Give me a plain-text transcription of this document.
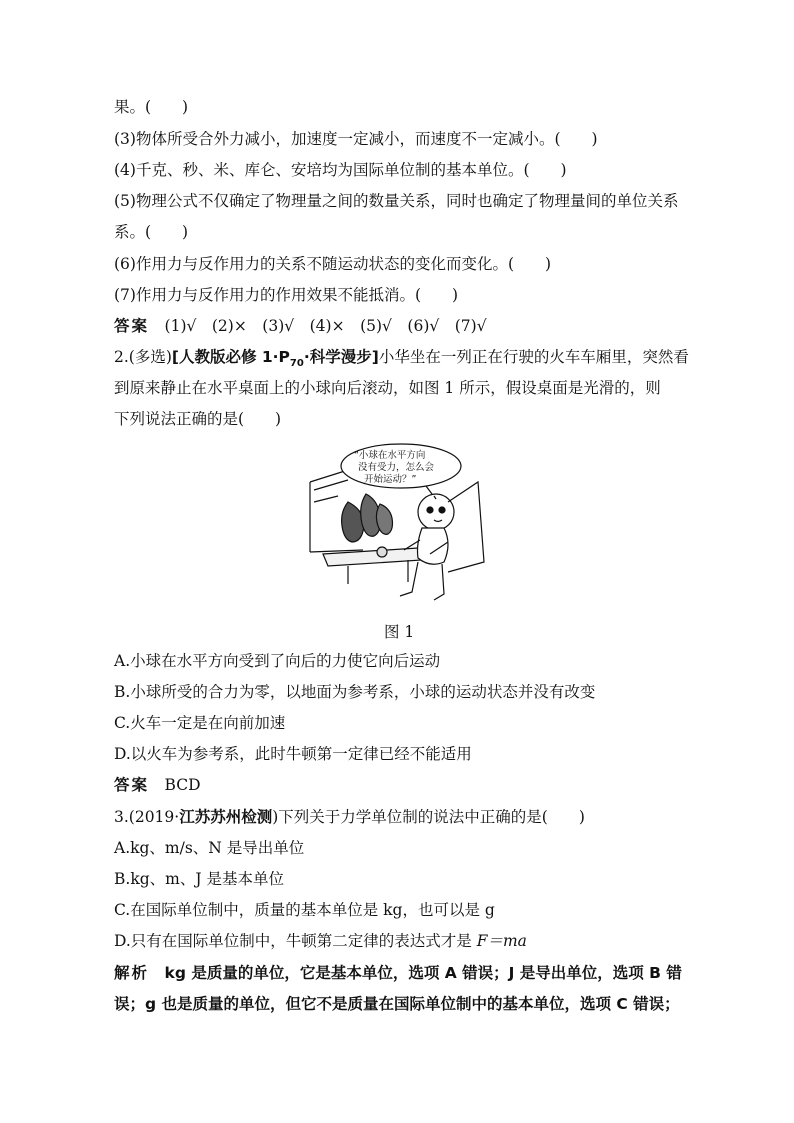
果。(　　)
(3)物体所受合外力减小，加速度一定减小，而速度不一定减小。(　　)
(4)千克、秒、米、库仑、安培均为国际单位制的基本单位。(　　)
(5)物理公式不仅确定了物理量之间的数量关系，同时也确定了物理量间的单位关系
系。(　　)
(6)作用力与反作用力的关系不随运动状态的变化而变化。(　　)
(7)作用力与反作用力的作用效果不能抵消。(　　)
答案　 (1)√　(2)×　(3)√　(4)×　(5)√　(6)√　(7)√
2.(多选)[人教版必修 $1\cdot P_{70}\cdot$科学漫步]小华坐在一列正在行驶的火车车厢里，突然看
到原来静止在水平桌面上的小球向后滚动，如图 1 所示，假设桌面是光滑的，则
下列说法正确的是(　　)
“小球在水平方向
没有受力，怎么会
开始运动？”
图 1
A.小球在水平方向受到了向后的力使它向后运动
B.小球所受的合力为零，以地面为参考系，小球的运动状态并没有改变
C.火车一定是在向前加速
D.以火车为参考系，此时牛顿第一定律已经不能适用
答案　 BCD
3.(2019·江苏苏州检测)下列关于力学单位制的说法中正确的是(　　)
A.kg、m/s、N 是导出单位
B.kg、m、J 是基本单位
C.在国际单位制中，质量的基本单位是 kg，也可以是 g
D.只有在国际单位制中，牛顿第二定律的表达式才是 F＝ma
解析　kg 是质量的单位，它是基本单位，选项 A 错误；J 是导出单位，选项 B 错
误；g 也是质量的单位，但它不是质量在国际单位制中的基本单位，选项 C 错误；
